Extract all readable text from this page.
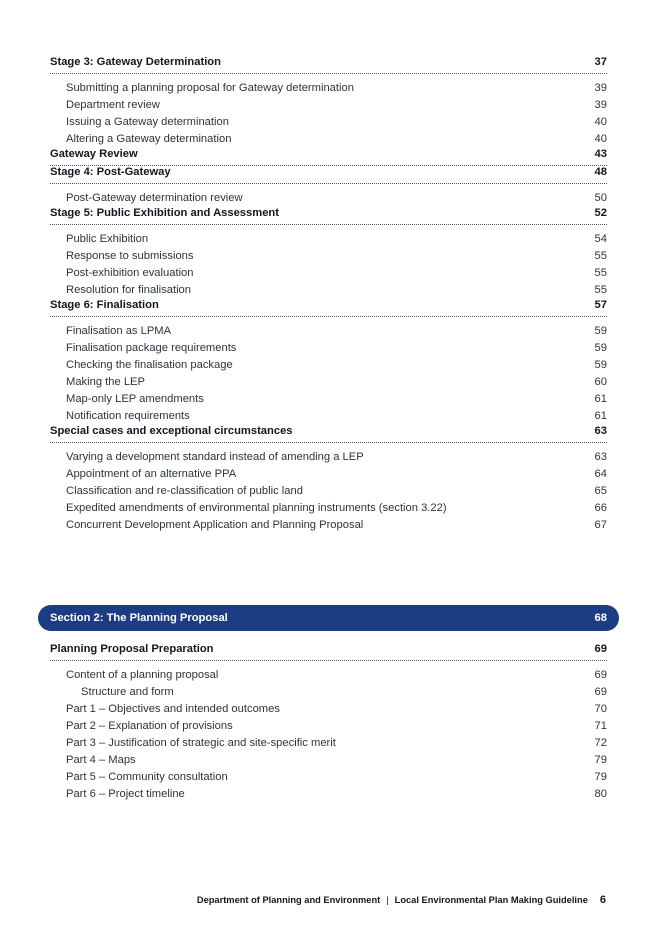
Stage 3: Gateway Determination	37
Submitting a planning proposal for Gateway determination	39
Department review	39
Issuing a Gateway determination	40
Altering a Gateway determination	40
Gateway Review	43
Stage 4: Post-Gateway	48
Post-Gateway determination review	50
Stage 5: Public Exhibition and Assessment	52
Public Exhibition	54
Response to submissions	55
Post-exhibition evaluation	55
Resolution for finalisation	55
Stage 6: Finalisation	57
Finalisation as LPMA	59
Finalisation package requirements	59
Checking the finalisation package	59
Making the LEP	60
Map-only LEP amendments	61
Notification requirements	61
Special cases and exceptional circumstances	63
Varying a development standard instead of amending a LEP	63
Appointment of an alternative PPA	64
Classification and re-classification of public land	65
Expedited amendments of environmental planning instruments (section 3.22)	66
Concurrent Development Application and Planning Proposal	67
Section 2: The Planning Proposal	68
Planning Proposal Preparation	69
Content of a planning proposal	69
Structure and form	69
Part 1 – Objectives and intended outcomes	70
Part 2 – Explanation of provisions	71
Part 3 – Justification of strategic and site-specific merit	72
Part 4 – Maps	79
Part 5 – Community consultation	79
Part 6 – Project timeline	80
Department of Planning and Environment | Local Environmental Plan Making Guideline 6
